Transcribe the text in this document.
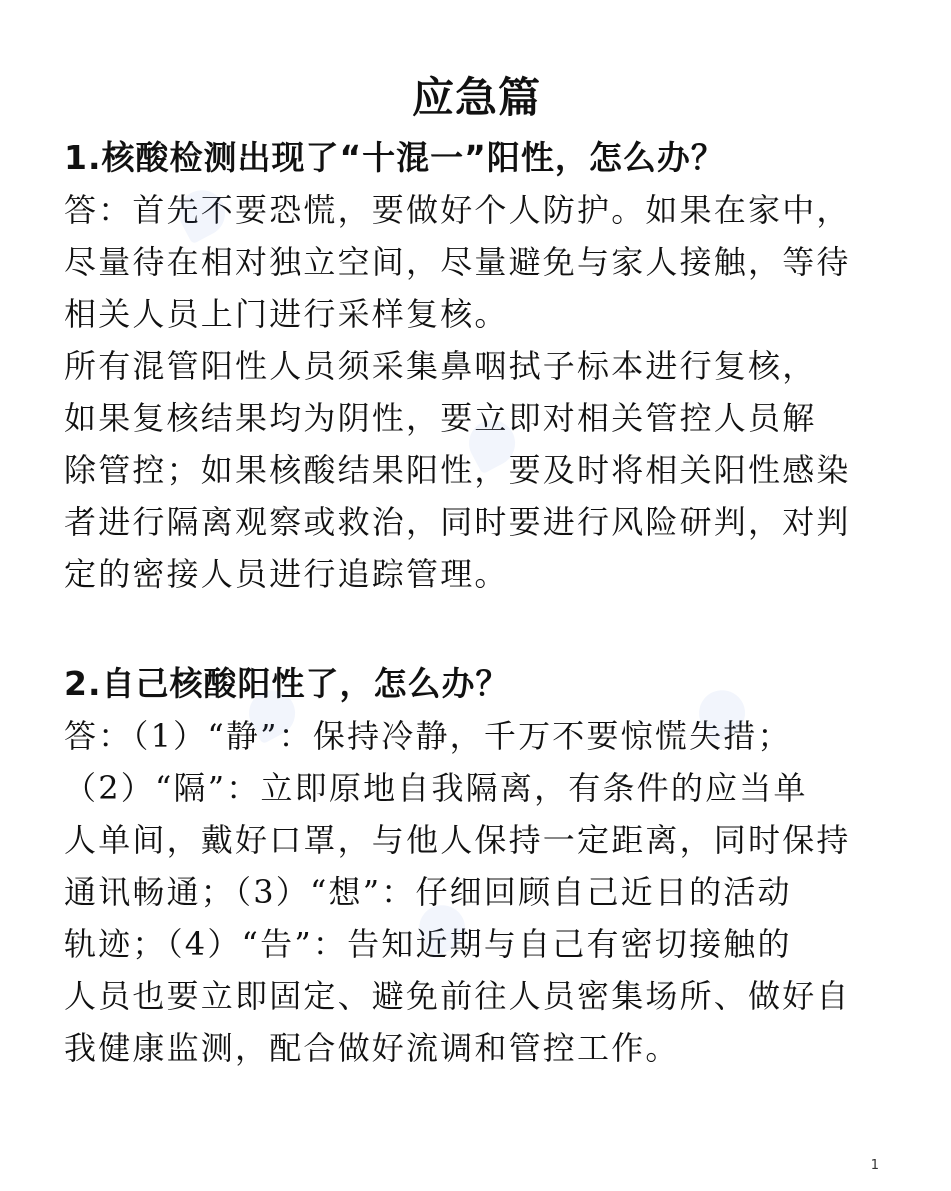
应急篇

1.核酸检测出现了“十混一”阳性，怎么办？

答：首先不要恐慌，要做好个人防护。如果在家中，
尽量待在相对独立空间，尽量避免与家人接触，等待
相关人员上门进行采样复核。

所有混管阳性人员须采集鼻咽拭子标本进行复核，
如果复核结果均为阴性，要立即对相关管控人员解
除管控；如果核酸结果阳性，要及时将相关阳性感染
者进行隔离观察或救治，同时要进行风险研判，对判
定的密接人员进行追踪管理。

2.自己核酸阳性了，怎么办？

答：（1）“静”：保持冷静，千万不要惊慌失措；
（2）“隔”：立即原地自我隔离，有条件的应当单
人单间，戴好口罩，与他人保持一定距离，同时保持
通讯畅通；（3）“想”：仔细回顾自己近日的活动
轨迹；（4）“告”：告知近期与自己有密切接触的
人员也要立即固定、避免前往人员密集场所、做好自
我健康监测，配合做好流调和管控工作。

1
